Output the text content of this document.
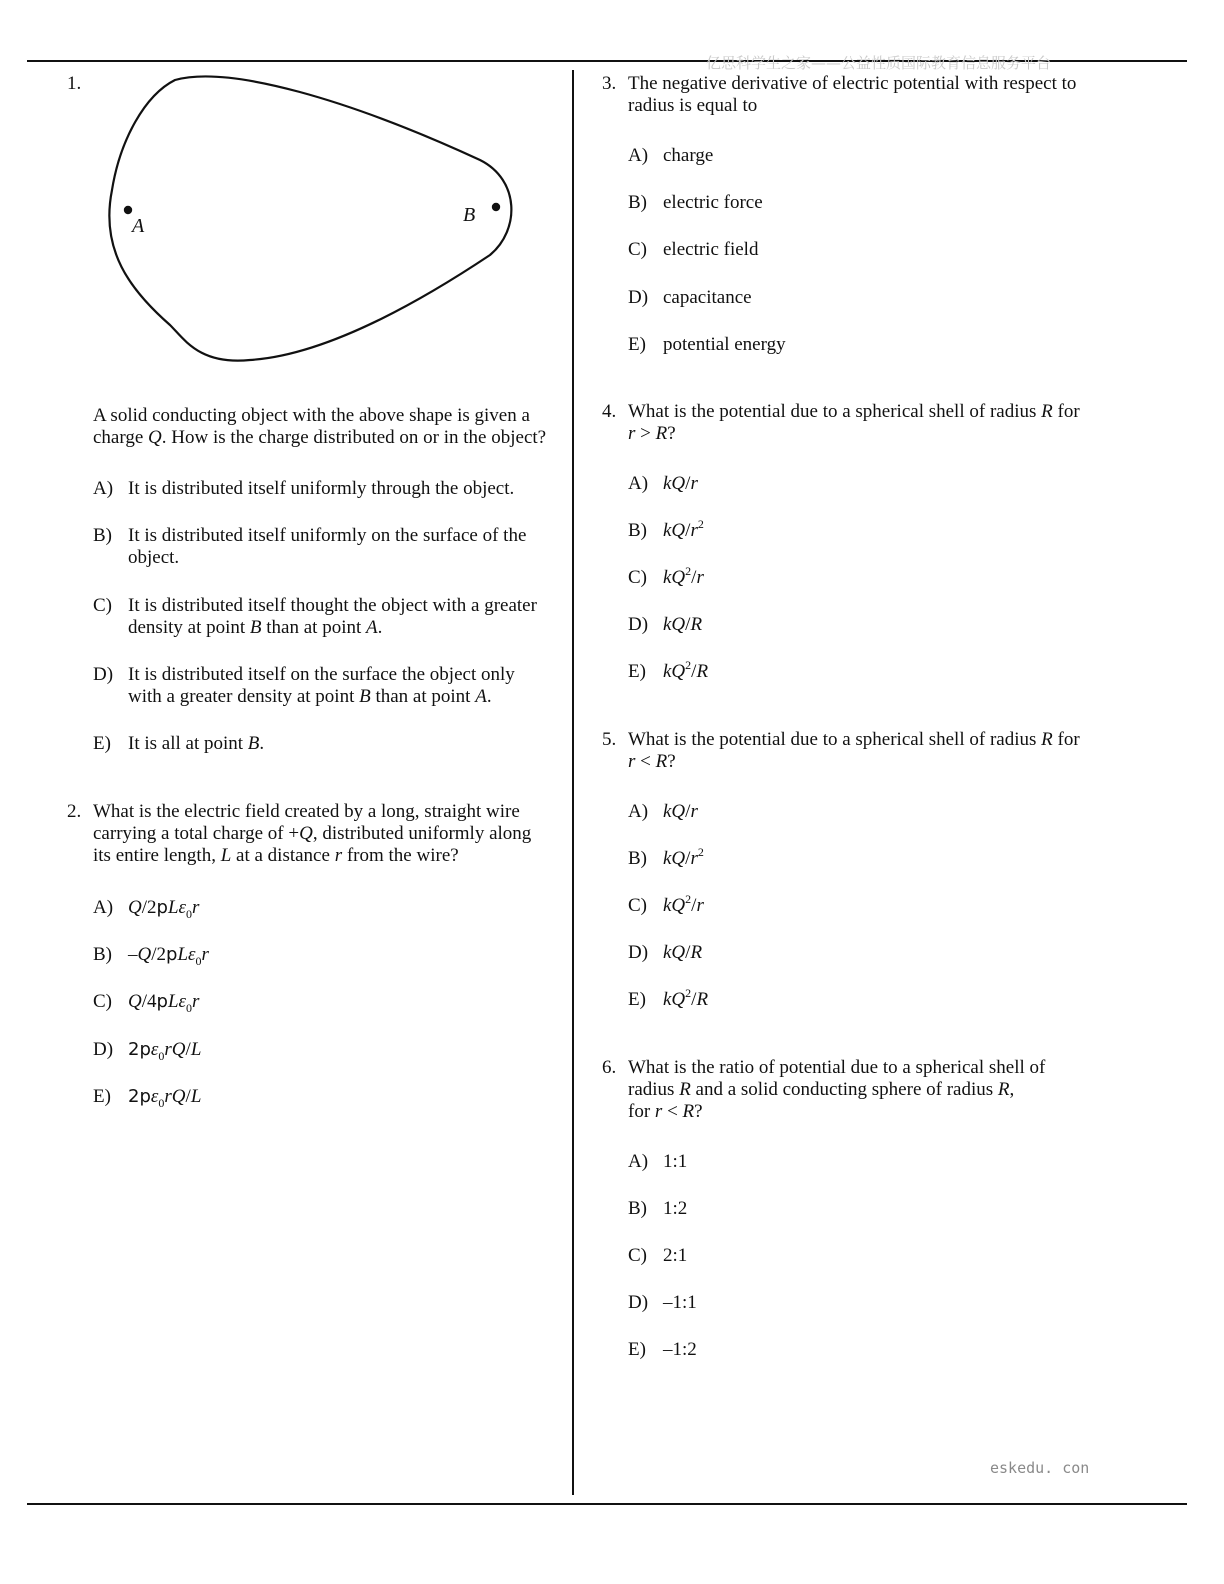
亿思科学生之家——公益性质国际教育信息服务平台
eskedu. con
1.
A	B
A solid conducting object with the above shape is given a
charge Q. How is the charge distributed on or in the object?
A) It is distributed itself uniformly through the object.
B) It is distributed itself uniformly on the surface of the
object.
C) It is distributed itself thought the object with a greater
density at point B than at point A.
D) It is distributed itself on the surface the object only
with a greater density at point B than at point A.
E) It is all at point B.
2. What is the electric field created by a long, straight wire
carrying a total charge of +Q, distributed uniformly along
its entire length, L at a distance r from the wire?
A) Q/2pLε$_0$r
B) –Q/2pLε$_0$r
C) Q/4pLε$_0$r
D) $2p\varepsilon_0rQ/L$
E) $2p\varepsilon_0rQ/L$
3. The negative derivative of electric potential with respect to
radius is equal to
A) charge
B) electric force
C) electric field
D) capacitance
E) potential energy
4. What is the potential due to a spherical shell of radius R for
r > R?
A) kQ/r
B) $kQ/r^2$
C) $kQ^2/r$
D) kQ/R
E) $kQ^2/R$
5. What is the potential due to a spherical shell of radius R for
r < R?
A) kQ/r
B) $kQ/r^2$
C) $kQ^2/r$
D) kQ/R
E) $kQ^2/R$
6. What is the ratio of potential due to a spherical shell of
radius R and a solid conducting sphere of radius R,
for r < R?
A) 1:1
B) 1:2
C) 2:1
D) –1:1
E) –1:2
